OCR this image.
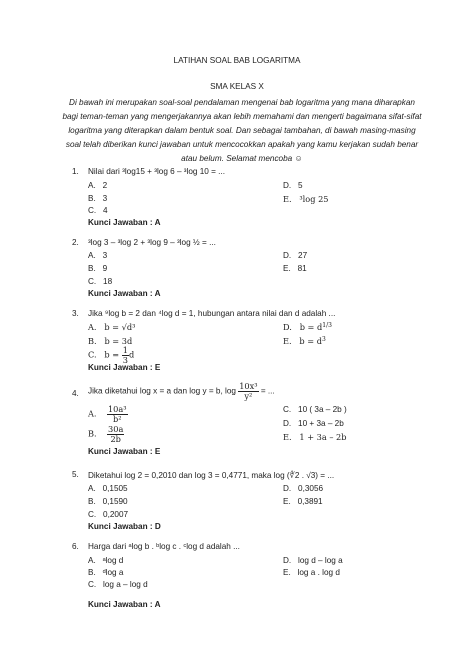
LATIHAN SOAL BAB LOGARITMA
SMA KELAS X
Di bawah ini merupakan soal-soal pendalaman mengenai bab logaritma yang mana diharapkan bagi teman-teman yang mengerjakannya akan lebih memahami dan mengerti bagaimana sifat-sifat logaritma yang diterapkan dalam bentuk soal. Dan sebagai tambahan, di bawah masing-masing soal telah diberikan kunci jawaban untuk mencocokkan apakah yang kamu kerjakan sudah benar atau belum. Selamat mencoba ☺
1.	Nilai dari ³log15 + ³log 6 – ³log 10 = ...
A.   2
B.   3
C.   4
D.   5
E.   ³log 25
Kunci Jawaban : A
2.	³log 3 – ³log 2 + ³log 9 – ³log ½ = ...
A.   3
B.   9
C.   18
D.   27
E.   81
Kunci Jawaban : A
3.	Jika ⁹log b = 2 dan ⁴log d = 1, hubungan antara nilai dan d adalah ...
A.   b = √d³
B.   b = 3d
C.   $b = \frac{1}{3}$ d
D.   $b = d^{1/3}$
E.   $b = d^3$
Kunci Jawaban : E
4.	Jika diketahui log x = a dan log y = b, $\log \frac{\text{10x³}}{\text{y²}}$ = ...
A. $\frac{\text{10a³}}{\text{b²}}$
B. $\frac{30a}{2b}$
C.   10 ( 3a – 2b )
D.   10 + 3a – 2b
E.   1 + 3a – 2b
Kunci Jawaban : E
5.	Diketahui log 2 = 0,2010 dan log 3 = 0,4771, maka log (∜2 . √3) = ...
A.   0,1505
B.   0,1590
C.   0,2007
D.   0,3056
E.   0,3891
Kunci Jawaban : D
6.	Harga dari ᵃlog b . ᵇlog c . ᶜlog d adalah ...
A.   ᵃlog d
B.   ᵈlog a
C.   log a – log d
D.   log d – log a
E.   log a . log d
Kunci Jawaban : A
